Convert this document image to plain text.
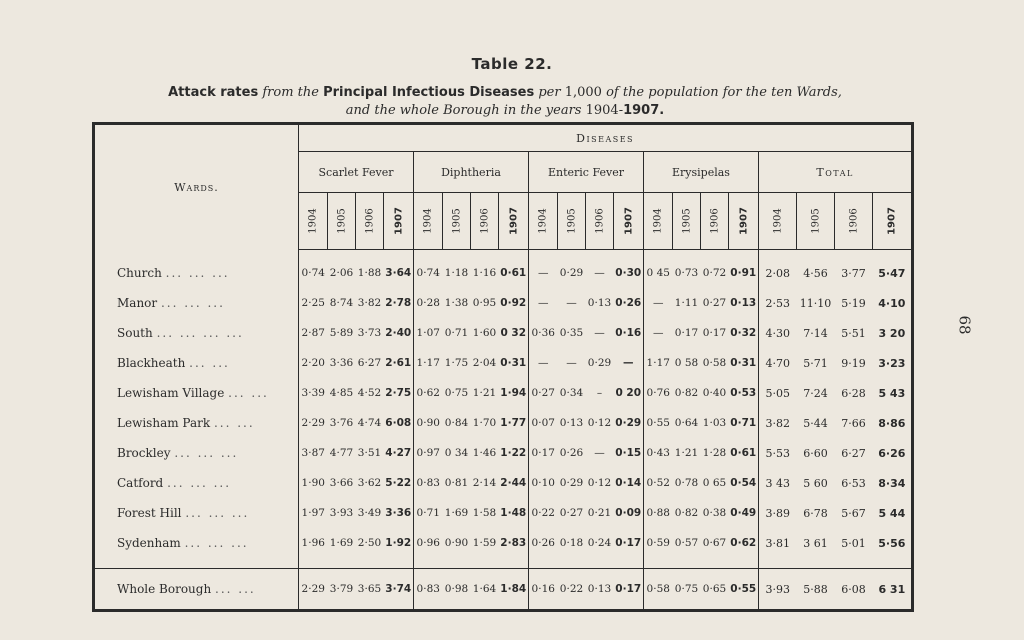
Table 22.
Attack rates from the Principal Infectious Diseases per 1,000 of the population for the ten Wards,
and the whole Borough in the years 1904-1907.
68
Wards.	Diseases																			
	Scarlet Fever				Diphtheria				Enteric Fever				Erysipelas				Total			

	1904	1905	1906	1907	1904	1905	1906	1907	1904	1905	1906	1907	1904	1905	1906	1907	1904	1905	1906	1907

Church ... ... ...	0·74	2·06	1·88	3·64	0·74	1·18	1·16	0·61	—	0·29	—	0·30	0 45	0·73	0·72	0·91	2·08	4·56	3·77	5·47
Manor ... ... ...	2·25	8·74	3·82	2·78	0·28	1·38	0·95	0·92	—	—	0·13	0·26	—	1·11	0·27	0·13	2·53	11·10	5·19	4·10
South ... ... ... ...	2·87	5·89	3·73	2·40	1·07	0·71	1·60	0 32	0·36	0·35	—	0·16	—	0·17	0·17	0·32	4·30	7·14	5·51	3 20
Blackheath ... ...	2·20	3·36	6·27	2·61	1·17	1·75	2·04	0·31	—	—	0·29	—	1·17	0 58	0·58	0·31	4·70	5·71	9·19	3·23
Lewisham Village ... ...	3·39	4·85	4·52	2·75	0·62	0·75	1·21	1·94	0·27	0·34	–	0 20	0·76	0·82	0·40	0·53	5·05	7·24	6·28	5 43
Lewisham Park ... ...	2·29	3·76	4·74	6·08	0·90	0·84	1·70	1·77	0·07	0·13	0·12	0·29	0·55	0·64	1·03	0·71	3·82	5·44	7·66	8·86
Brockley ... ... ...	3·87	4·77	3·51	4·27	0·97	0 34	1·46	1·22	0·17	0·26	—	0·15	0·43	1·21	1·28	0·61	5·53	6·60	6·27	6·26
Catford ... ... ...	1·90	3·66	3·62	5·22	0·83	0·81	2·14	2·44	0·10	0·29	0·12	0·14	0·52	0·78	0 65	0·54	3 43	5 60	6·53	8·34
Forest Hill ... ... ...	1·97	3·93	3·49	3·36	0·71	1·69	1·58	1·48	0·22	0·27	0·21	0·09	0·88	0·82	0·38	0·49	3·89	6·78	5·67	5 44
Sydenham ... ... ...	1·96	1·69	2·50	1·92	0·96	0·90	1·59	2·83	0·26	0·18	0·24	0·17	0·59	0·57	0·67	0·62	3·81	3 61	5·01	5·56
Whole Borough ... ...	2·29	3·79	3·65	3·74	0·83	0·98	1·64	1·84	0·16	0·22	0·13	0·17	0·58	0·75	0·65	0·55	3·93	5·88	6·08	6 31
